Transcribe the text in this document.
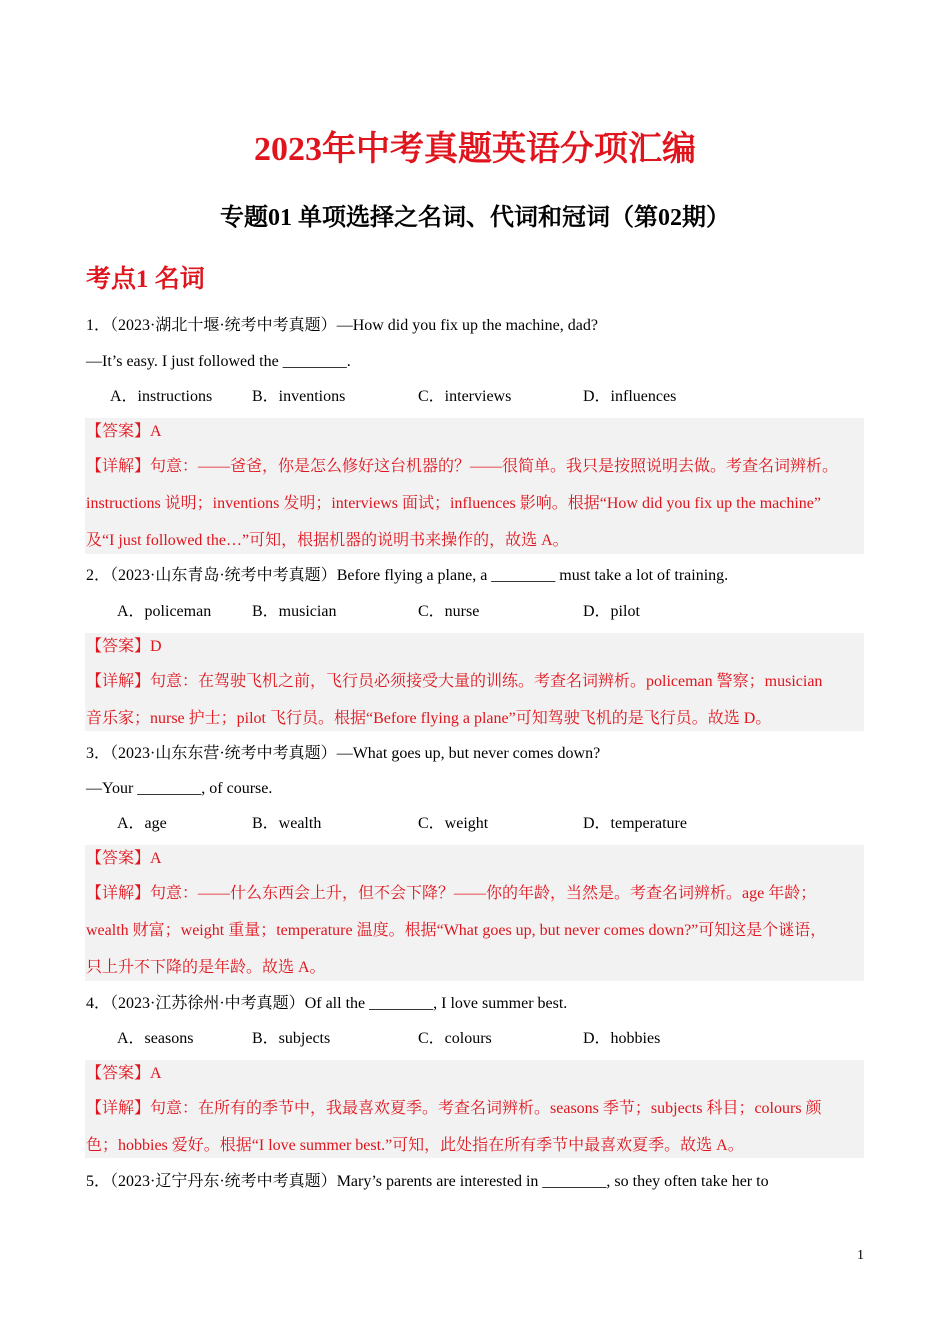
2023年中考真题英语分项汇编
专题01 单项选择之名词、代词和冠词（第02期）
考点1 名词
1．（2023·湖北十堰·统考中考真题）—How did you fix up the machine, dad?
—It’s easy. I just followed the ________.
A．instructions B．inventions	C．interviews	D．influences
【答案】A
【详解】句意：——爸爸，你是怎么修好这台机器的？——很简单。我只是按照说明去做。考查名词辨析。
instructions 说明；inventions 发明；interviews 面试；influences 影响。根据“How did you fix up the machine”
及“I just followed the…”可知，根据机器的说明书来操作的，故选 A。
2．（2023·山东青岛·统考中考真题）Before flying a plane, a ________ must take a lot of training.
A．policeman	B．musician	C．nurse	D．pilot
【答案】D
【详解】句意：在驾驶飞机之前，飞行员必须接受大量的训练。考查名词辨析。policeman 警察；musician
音乐家；nurse 护士；pilot 飞行员。根据“Before flying a plane”可知驾驶飞机的是飞行员。故选 D。
3．（2023·山东东营·统考中考真题）—What goes up, but never comes down?
—Your ________, of course.
A．age	B．wealth	C．weight	D．temperature
【答案】A
【详解】句意：——什么东西会上升，但不会下降？——你的年龄，当然是。考查名词辨析。age 年龄；
wealth 财富；weight 重量；temperature 温度。根据“What goes up, but never comes down?”可知这是个谜语，
只上升不下降的是年龄。故选 A。
4．（2023·江苏徐州·中考真题）Of all the ________, I love summer best.
A．seasons	B．subjects	C．colours	D．hobbies
【答案】A
【详解】句意：在所有的季节中，我最喜欢夏季。考查名词辨析。seasons 季节；subjects 科目；colours 颜
色；hobbies 爱好。根据“I love summer best.”可知，此处指在所有季节中最喜欢夏季。故选 A。
5．（2023·辽宁丹东·统考中考真题）Mary’s parents are interested in ________, so they often take her to
1
